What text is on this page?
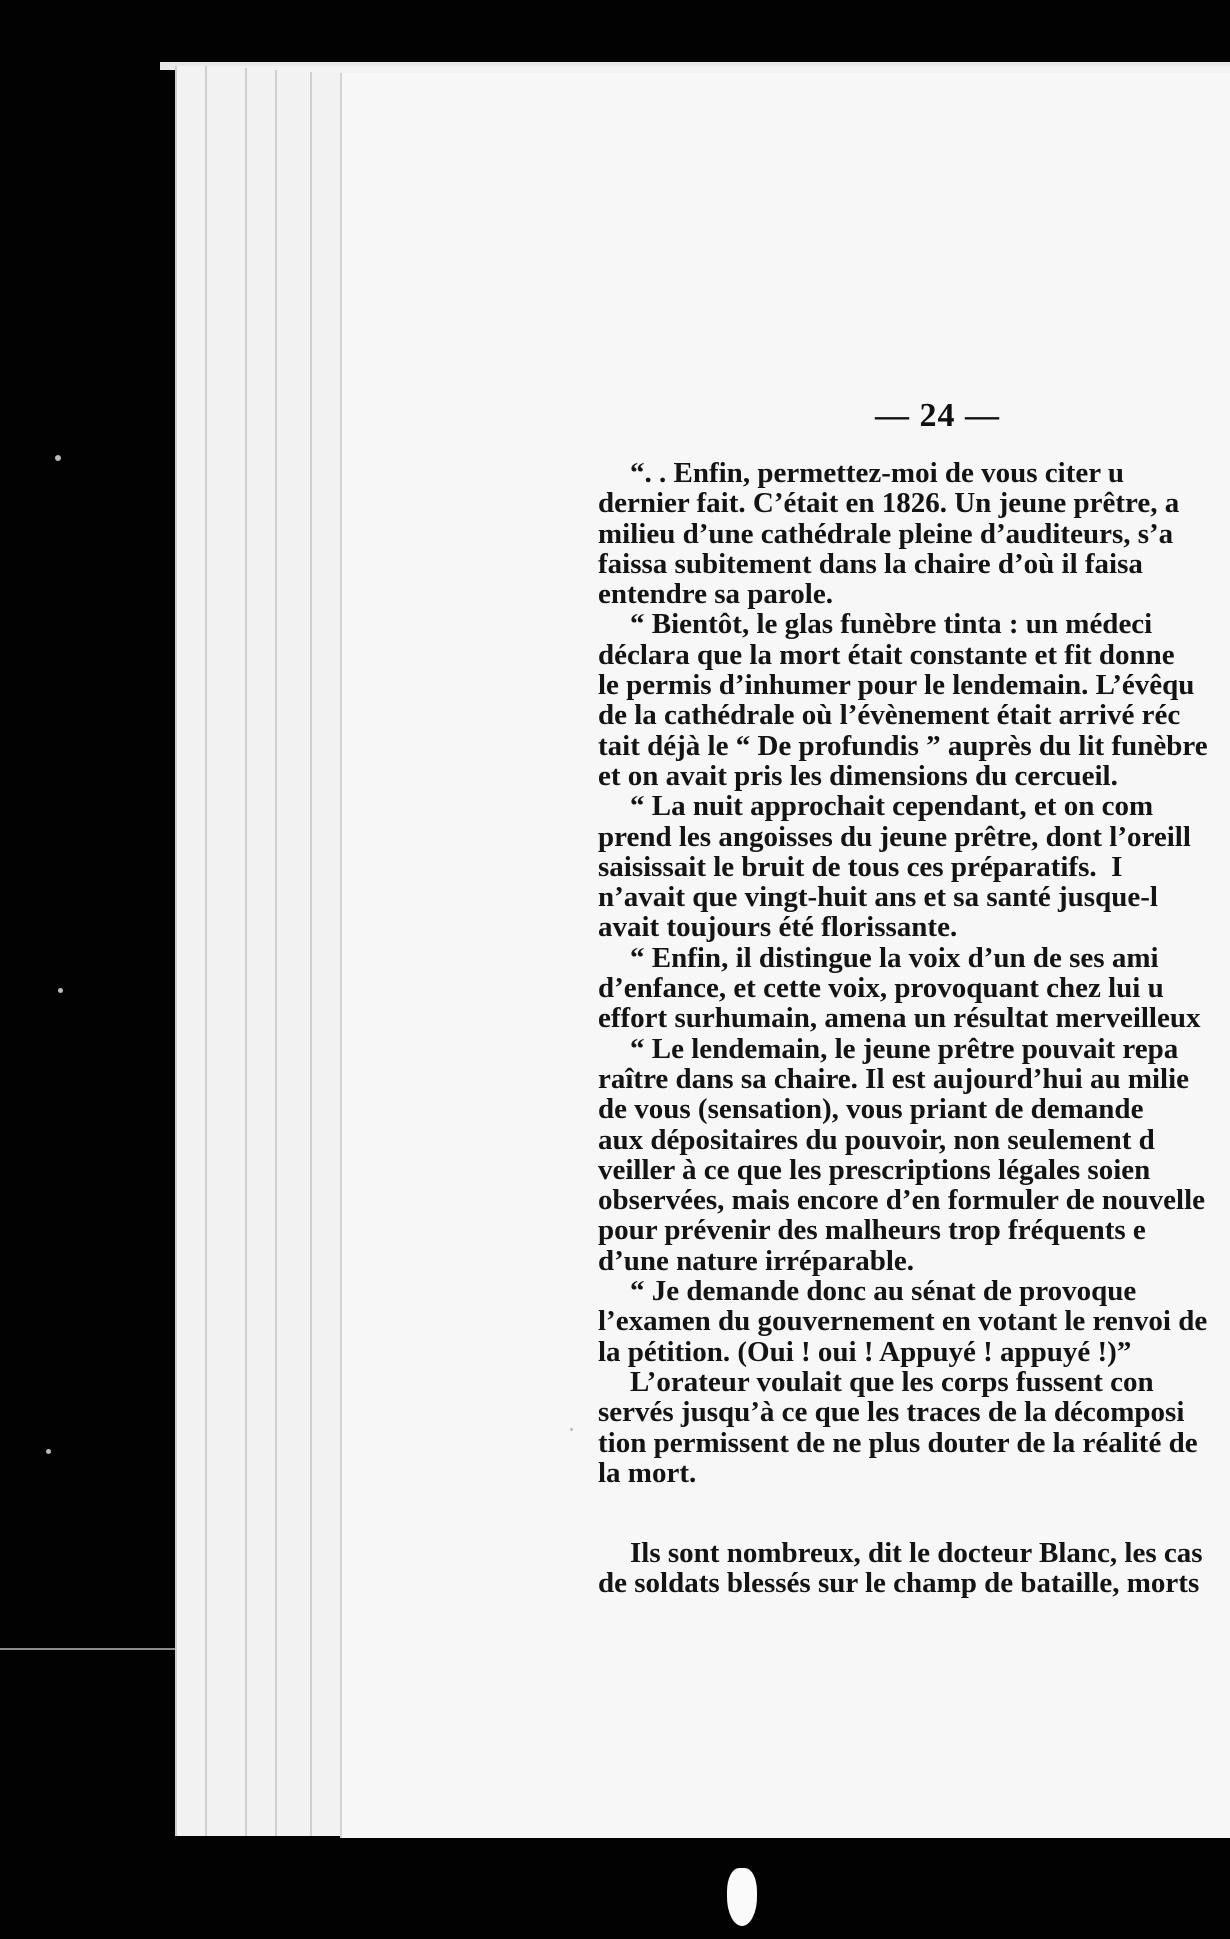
— 24 —
“. . Enfin, permettez-moi de vous citer u
dernier fait. C’était en 1826. Un jeune prêtre, a
milieu d’une cathédrale pleine d’auditeurs, s’a
faissa subitement dans la chaire d’où il faisa
entendre sa parole.
“ Bientôt, le glas funèbre tinta : un médeci
déclara que la mort était constante et fit donne
le permis d’inhumer pour le lendemain. L’évêqu
de la cathédrale où l’évènement était arrivé réc
tait déjà le “ De profundis ” auprès du lit funèbre
et on avait pris les dimensions du cercueil.
“ La nuit approchait cependant, et on com
prend les angoisses du jeune prêtre, dont l’oreill
saisissait le bruit de tous ces préparatifs.  I
n’avait que vingt-huit ans et sa santé jusque-l
avait toujours été florissante.
“ Enfin, il distingue la voix d’un de ses ami
d’enfance, et cette voix, provoquant chez lui u
effort surhumain, amena un résultat merveilleux
“ Le lendemain, le jeune prêtre pouvait repa
raître dans sa chaire. Il est aujourd’hui au milie
de vous (sensation), vous priant de demande
aux dépositaires du pouvoir, non seulement d
veiller à ce que les prescriptions légales soien
observées, mais encore d’en formuler de nouvelle
pour prévenir des malheurs trop fréquents e
d’une nature irréparable.
“ Je demande donc au sénat de provoque
l’examen du gouvernement en votant le renvoi de
la pétition. (Oui ! oui ! Appuyé ! appuyé !)”
L’orateur voulait que les corps fussent con
servés jusqu’à ce que les traces de la décomposi
tion permissent de ne plus douter de la réalité de
la mort.
Ils sont nombreux, dit le docteur Blanc, les cas
de soldats blessés sur le champ de bataille, morts
